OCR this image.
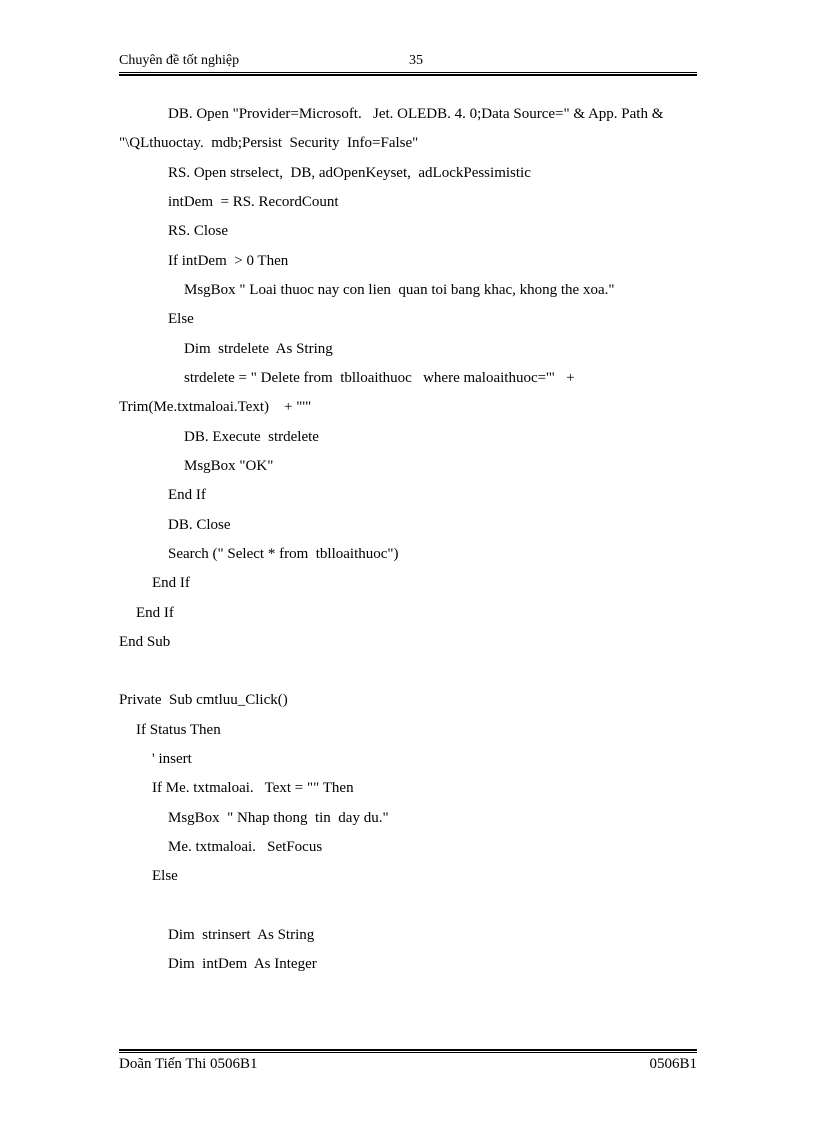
Chuyên đề tốt nghiệp	35
DB. Open "Provider=Microsoft.   Jet. OLEDB. 4. 0;Data Source=" & App. Path &
"\QLthuoctay.  mdb;Persist  Security  Info=False"
RS. Open strselect,  DB, adOpenKeyset,  adLockPessimistic
intDem  = RS. RecordCount
RS. Close
If intDem  > 0 Then
MsgBox " Loai thuoc nay con lien  quan toi bang khac, khong the xoa."
Else
Dim  strdelete  As String
strdelete = " Delete from  tblloaithuoc   where maloaithuoc='"   +
Trim(Me.txtmaloai.Text)    + "'"
DB. Execute  strdelete
MsgBox "OK"
End If
DB. Close
Search (" Select * from  tblloaithuoc")
End If
End If
End Sub
Private  Sub cmtluu_Click()
If Status Then
' insert
If Me. txtmaloai.   Text = "" Then
MsgBox  " Nhap thong  tin  day du."
Me. txtmaloai.   SetFocus
Else
Dim  strinsert  As String
Dim  intDem  As Integer
Doãn Tiến Thi 0506B1	0506B1
